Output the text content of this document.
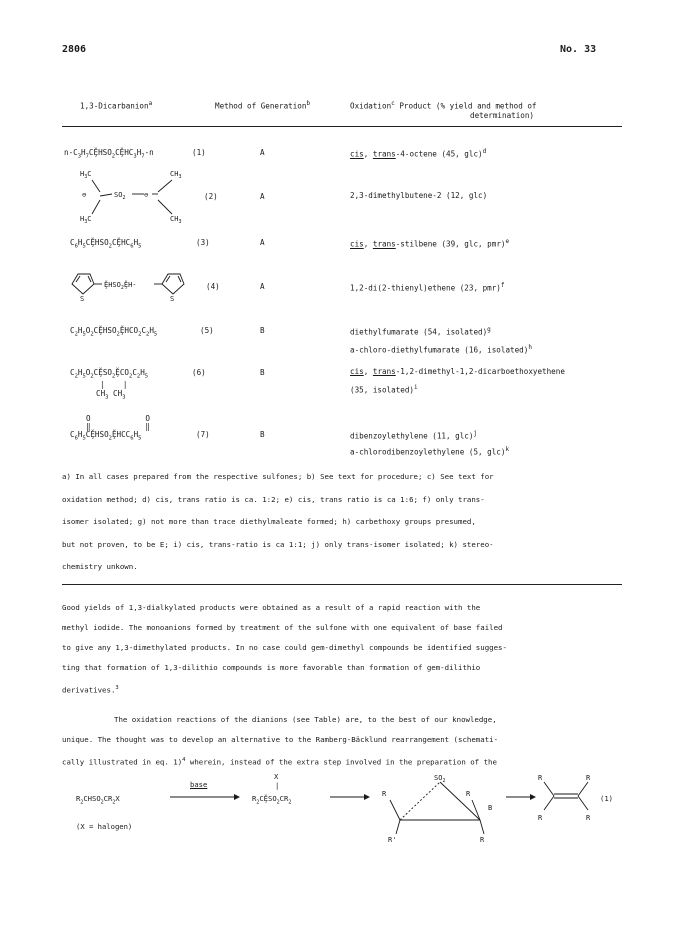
2806	No. 33
1,3-Dicarbanion$^a$	Method of Generation$^b$	Oxidation$^c$ Product (% yield and method of
determination)
$n-C_3H_7CḜHSO_2CḜHC_3H_7-n$	(1)	A	cis, trans-4-octene (45, glc)$^d$
$H_3C$	$CH_3$
⊖	$SO_2$	⊖
$H_3C$	$CH_3$
(2)	A	2,3-dimethylbutene-2 (12, glc)
$C_6H_5CḜHSO_2CḜHC_6H_5$	(3)	A	cis, trans-stilbene (39, glc, pmr)$^e$
S	S
ḜHSO$_2$ḜH-	(4)	A	1,2-di(2-thienyl)ethene (23, pmr)$^f$
$C_2H_5O_2CḜHSO_2ḜHCO_2C_2H_5$	(5)	B	diethylfumarate (54, isolated)$^g$
a-chloro-diethylfumarate (16, isolated)$^h$
$C_2H_5O_2CḜSO_2ḜCO_2C_2H_5$
|    |
$CH_3$ $CH_3$
(6)	B	cis, trans-1,2-dimethyl-1,2-dicarboethoxyethene
(35, isolated)$^i$
O            O
‖            ‖
$C_6H_5CḜHSO_2ḜHCC_6H_5$	(7)	B	dibenzoylethylene (11, glc)$^j$
a-chlorodibenzoylethylene (5, glc)$^k$

a) In all cases prepared from the respective sulfones; b) See text for procedure; c) See text for

oxidation method; d) cis, trans ratio is ca. 1:2; e) cis, trans ratio is ca 1:6; f) only trans-

isomer isolated; g) not more than trace diethylmaleate formed; h) carbethoxy groups presumed,

but not proven, to be E; i) cis, trans-ratio is ca 1:1; j) only trans-isomer isolated; k) stereo-

chemistry unkown.

Good yields of 1,3-dialkylated products were obtained as a result of a rapid reaction with the

methyl iodide. The monoanions formed by treatment of the sulfone with one equivalent of base failed

to give any 1,3-dimethylated products. In no case could gem-dimethyl compounds be identified sugges-

ting that formation of 1,3-dilithio compounds is more favorable than formation of gem-dilithio

derivatives.$^3$

The oxidation reactions of the dianions (see Table) are, to the best of our knowledge,

unique. The thought was to develop an alternative to the Ramberg-Bäcklund rearrangement (schemati-

cally illustrated in eq. 1)$^4$ wherein, instead of the extra step involved in the preparation of the

$R_2CHSO_2CR_2X$
base
X
|
$R_2CḜSO_2CR_2$
$SO_2$
R	R
R'	R
B
R	R
R	R
(1)
(X = halogen)
